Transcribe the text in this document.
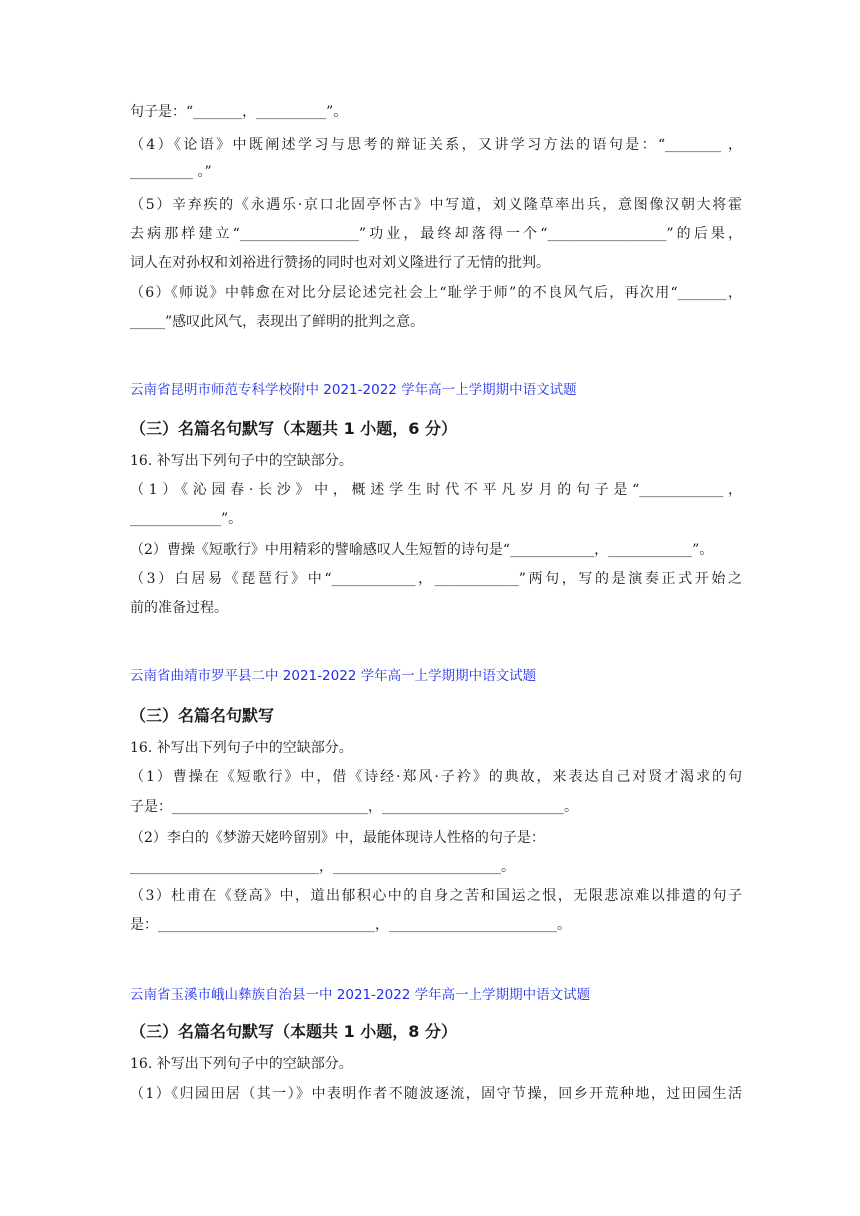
句子是：“_______，__________”。
（4）《论语》中既阐述学习与思考的辩证关系，又讲学习方法的语句是：“________ ，
_________ 。”
（5）辛弃疾的《永遇乐·京口北固亭怀古》中写道，刘义隆草率出兵，意图像汉朝大将霍
去病那样建立“_________________”功业，最终却落得一个“_________________”的后果，
词人在对孙权和刘裕进行赞扬的同时也对刘义隆进行了无情的批判。
（6）《师说》中韩愈在对比分层论述完社会上“耻学于师”的不良风气后，再次用“_______，
_____”感叹此风气，表现出了鲜明的批判之意。
云南省昆明市师范专科学校附中 2021-2022 学年高一上学期期中语文试题
（三）名篇名句默写（本题共 1 小题，6 分）
16. 补写出下列句子中的空缺部分。
（1）《沁园春·长沙》中，概述学生时代不平凡岁月的句子是“____________，
_____________”。
（2）曹操《短歌行》中用精彩的譬喻感叹人生短暂的诗句是“____________，____________”。
（3）白居易《琵琶行》中“____________，____________”两句，写的是演奏正式开始之
前的准备过程。
云南省曲靖市罗平县二中 2021-2022 学年高一上学期期中语文试题
（三）名篇名句默写
16. 补写出下列句子中的空缺部分。
（1）曹操在《短歌行》中，借《诗经·郑风·子衿》的典故，来表达自己对贤才渴求的句
子是：____________________________，__________________________。
（2）李白的《梦游天姥吟留别》中，最能体现诗人性格的句子是：
___________________________，________________________。
（3）杜甫在《登高》中，道出郁积心中的自身之苦和国运之恨，无限悲凉难以排遣的句子
是：_______________________________，________________________。
云南省玉溪市峨山彝族自治县一中 2021-2022 学年高一上学期期中语文试题
（三）名篇名句默写（本题共 1 小题，8 分）
16. 补写出下列句子中的空缺部分。
（1）《归园田居（其一）》中表明作者不随波逐流，固守节操，回乡开荒种地，过田园生活
